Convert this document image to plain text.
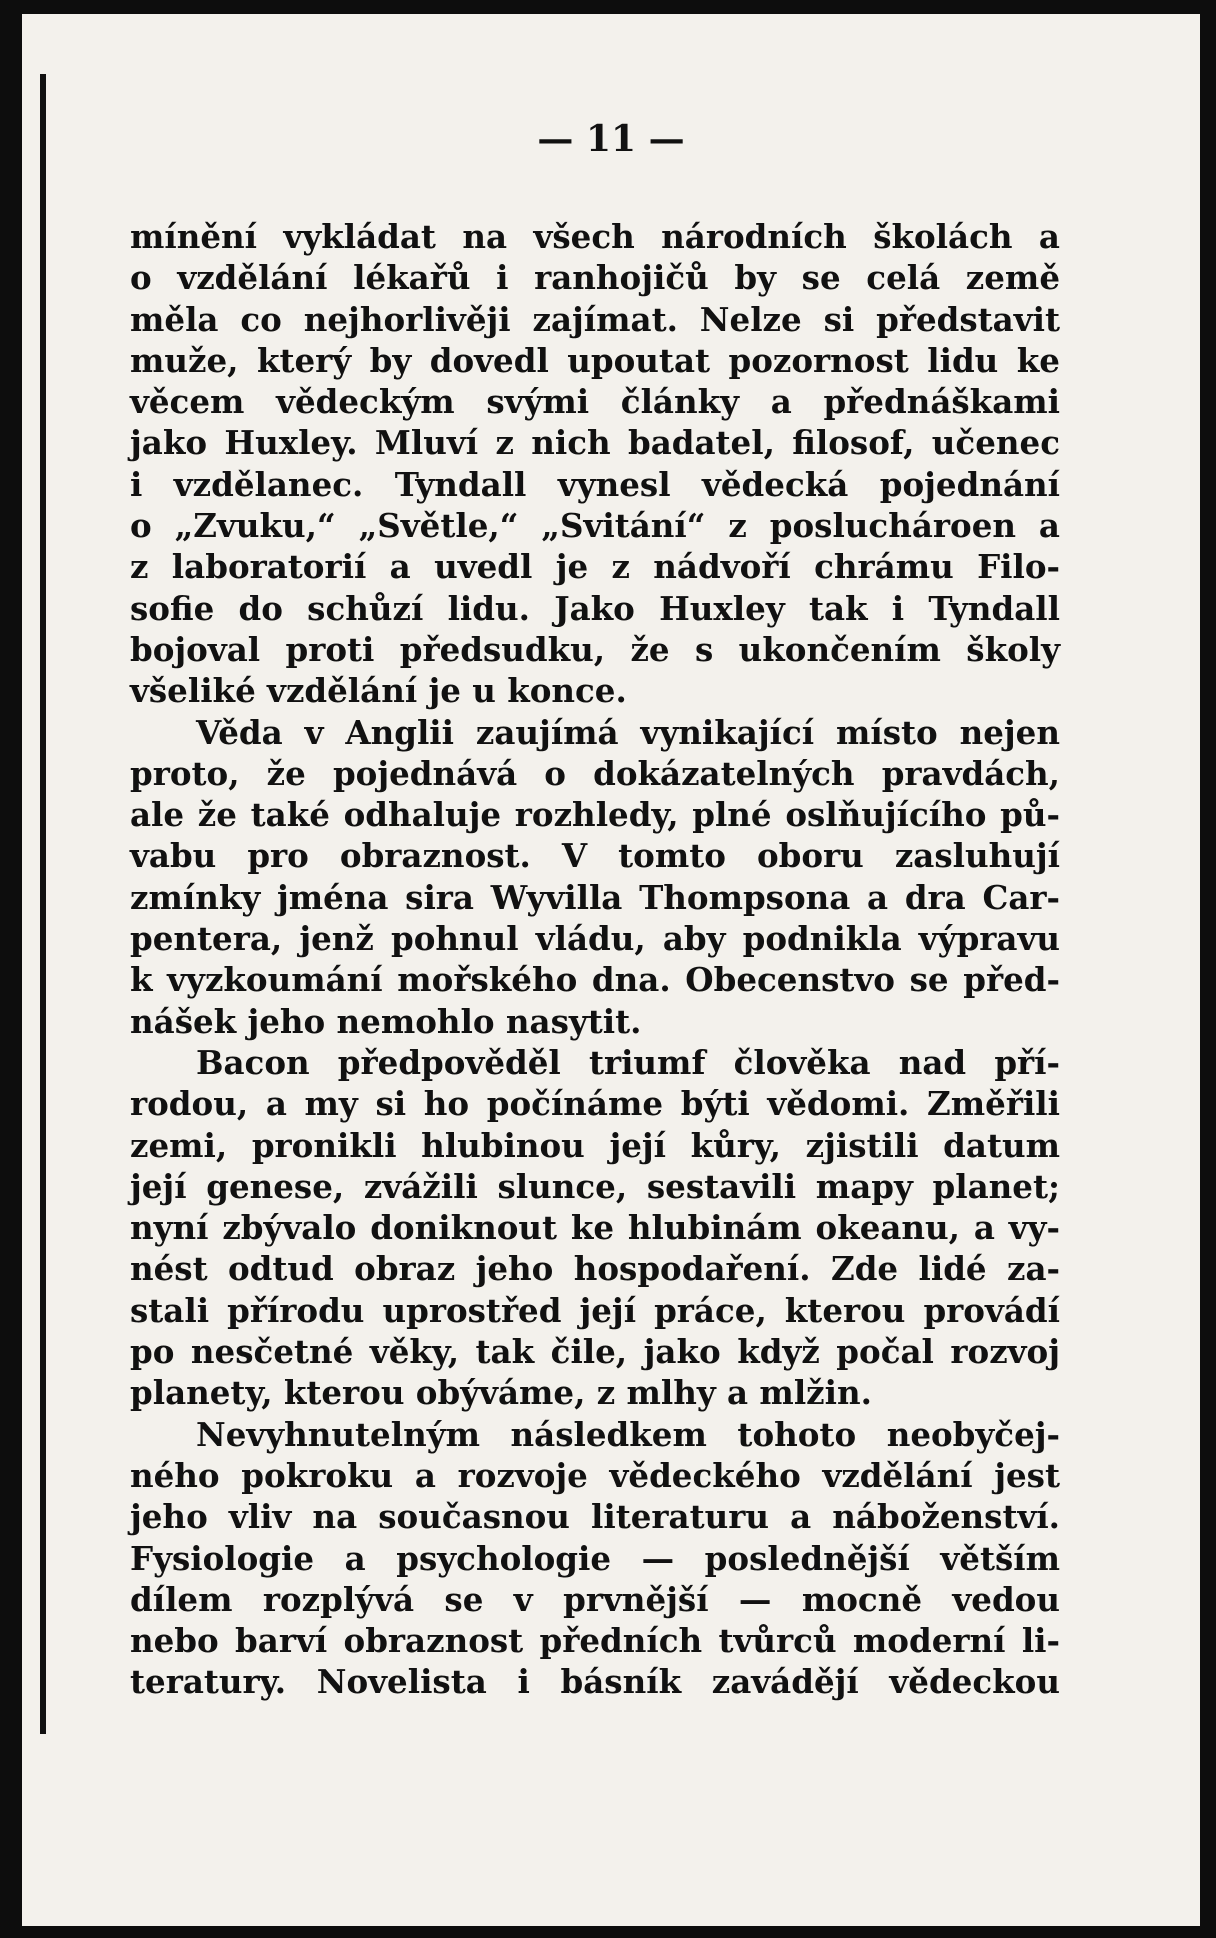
— 11 —
mínění vykládat na všech národních školách a
o vzdělání lékařů i ranhojičů by se celá země
měla co nejhorlivěji zajímat. Nelze si představit
muže, který by dovedl upoutat pozornost lidu ke
věcem vědeckým svými články a přednáškami
jako Huxley. Mluví z nich badatel, filosof, učenec
i vzdělanec. Tyndall vynesl vědecká pojednání
o „Zvuku,“ „Světle,“ „Svitání“ z posluchároen a
z laboratorií a uvedl je z nádvoří chrámu Filo-
sofie do schůzí lidu. Jako Huxley tak i Tyndall
bojoval proti předsudku, že s ukončením školy
všeliké vzdělání je u konce.
Věda v Anglii zaujímá vynikající místo nejen
proto, že pojednává o dokázatelných pravdách,
ale že také odhaluje rozhledy, plné oslňujícího pů-
vabu pro obraznost. V tomto oboru zasluhují
zmínky jména sira Wyvilla Thompsona a dra Car-
pentera, jenž pohnul vládu, aby podnikla výpravu
k vyzkoumání mořského dna. Obecenstvo se před-
nášek jeho nemohlo nasytit.
Bacon předpověděl triumf člověka nad pří-
rodou, a my si ho počínáme býti vědomi. Změřili
zemi, pronikli hlubinou její kůry, zjistili datum
její genese, zvážili slunce, sestavili mapy planet;
nyní zbývalo doniknout ke hlubinám okeanu, a vy-
nést odtud obraz jeho hospodaření. Zde lidé za-
stali přírodu uprostřed její práce, kterou provádí
po nesčetné věky, tak čile, jako když počal rozvoj
planety, kterou obýváme, z mlhy a mlžin.
Nevyhnutelným následkem tohoto neobyčej-
ného pokroku a rozvoje vědeckého vzdělání jest
jeho vliv na současnou literaturu a náboženství.
Fysiologie a psychologie — poslednější větším
dílem rozplývá se v prvnější — mocně vedou
nebo barví obraznost předních tvůrců moderní li-
teratury. Novelista i básník zavádějí vědeckou
